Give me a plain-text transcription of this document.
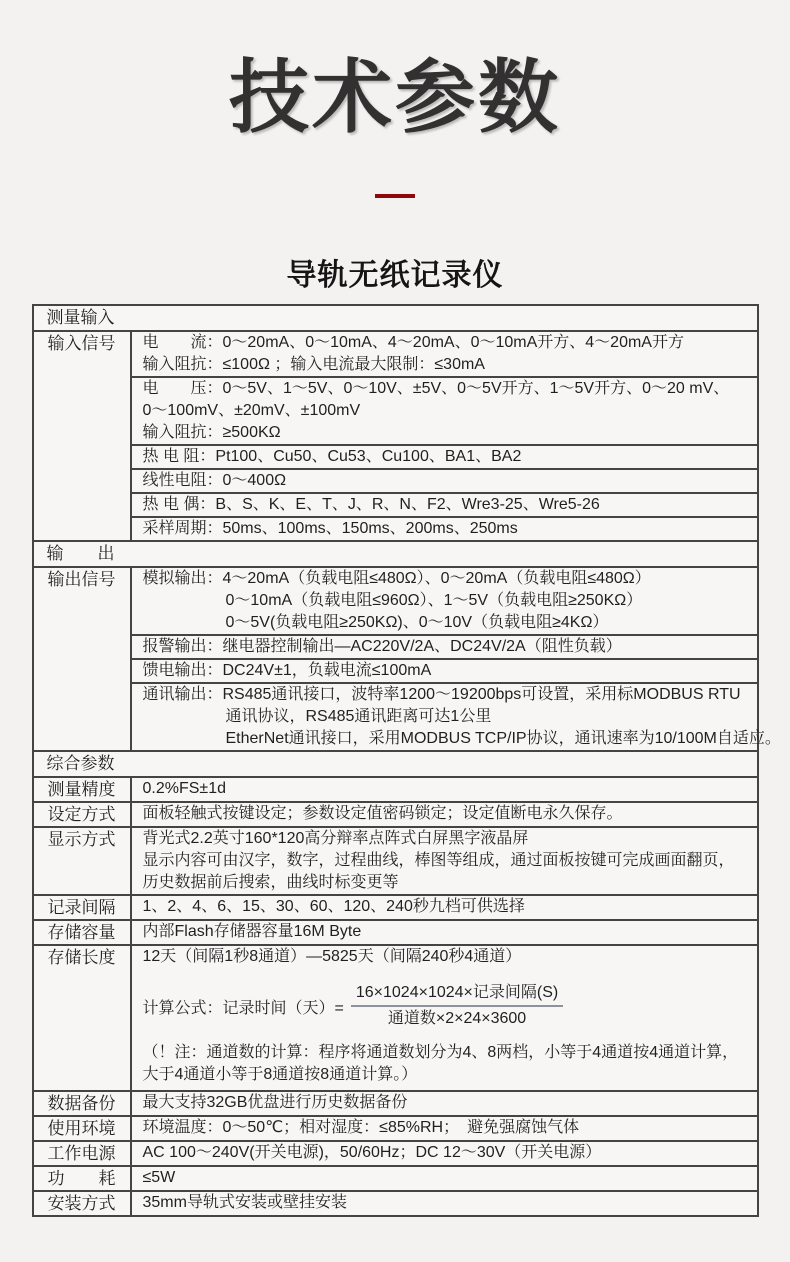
技术参数
导轨无纸记录仪
测量输入
输入信号	电　　流：0～20mA、0～10mA、4～20mA、0～10mA开方、4～20mA开方
输入阻抗：≤100Ω ；输入电流最大限制：≤30mA
电　　压：0～5V、1～5V、0～10V、±5V、0～5V开方、1～5V开方、0～20 mV、
0～100mV、±20mV、±100mV
输入阻抗：≥500KΩ
热 电 阻：Pt100、Cu50、Cu53、Cu100、BA1、BA2
线性电阻：0～400Ω
热 电 偶：B、S、K、E、T、J、R、N、F2、Wre3-25、Wre5-26
采样周期：50ms、100ms、150ms、200ms、250ms
输　　出
输出信号	模拟输出：4～20mA（负载电阻≤480Ω）、0～20mA（负载电阻≤480Ω）
0～10mA（负载电阻≤960Ω）、1～5V（负载电阻≥250KΩ）
0～5V(负载电阻≥250KΩ)、0～10V（负载电阻≥4KΩ）
报警输出：继电器控制输出—AC220V/2A、DC24V/2A（阻性负载）
馈电输出：DC24V±1，负载电流≤100mA
通讯输出：RS485通讯接口，波特率1200～19200bps可设置，采用标MODBUS RTU
通讯协议，RS485通讯距离可达1公里
EtherNet通讯接口，采用MODBUS TCP/IP协议，通讯速率为10/100M自适应。
综合参数
测量精度	0.2%FS±1d
设定方式	面板轻触式按键设定；参数设定值密码锁定；设定值断电永久保存。
显示方式	背光式2.2英寸160*120高分辩率点阵式白屏黑字液晶屏
显示内容可由汉字，数字，过程曲线，棒图等组成，通过面板按键可完成画面翻页，
历史数据前后搜索，曲线时标变更等
记录间隔	1、2、4、6、15、30、60、120、240秒九档可供选择
存储容量	内部Flash存储器容量16M Byte
存储长度	12天（间隔1秒8通道）—5825天（间隔240秒4通道）
计算公式：记录时间（天）= $\frac{\text{16×1024×1024×记录间隔(S)}}{\text{通道数×2×24×3600}}$
（！注：通道数的计算：程序将通道数划分为4、8两档，小等于4通道按4通道计算，
大于4通道小等于8通道按8通道计算。）
数据备份	最大支持32GB优盘进行历史数据备份
使用环境	环境温度：0～50℃；相对湿度：≤85%RH；　避免强腐蚀气体
工作电源	AC 100～240V(开关电源)，50/60Hz；DC 12～30V（开关电源）
功　　耗	≤5W
安装方式	35mm导轨式安装或壁挂安装
